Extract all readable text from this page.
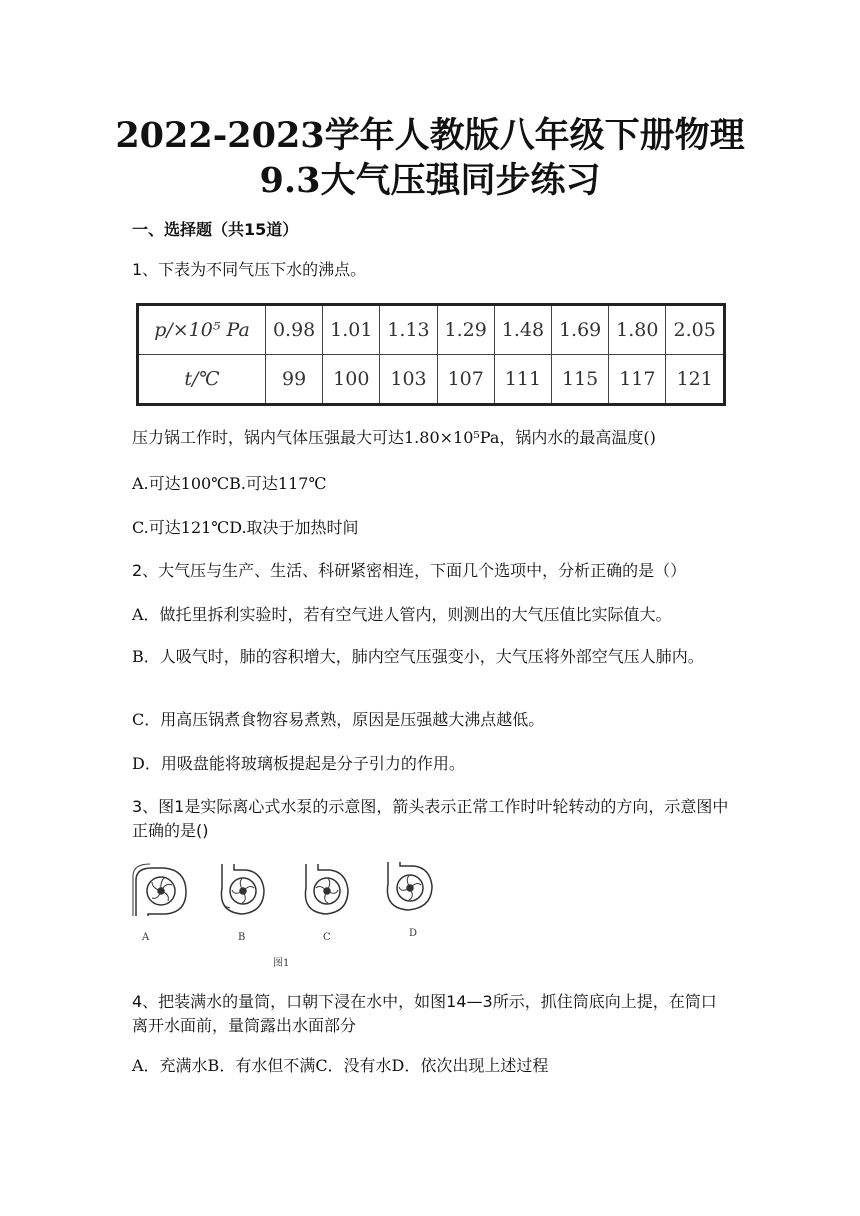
2022-2023学年人教版八年级下册物理
9.3大气压强同步练习
一、选择题（共15道）
1、下表为不同气压下水的沸点。
p/×10⁵ Pa	0.98	1.01	1.13	1.29	1.48	1.69	1.80	2.05
t/℃	99	100	103	107	111	115	117	121
压力锅工作时，锅内气体压强最大可达1.80×10⁵Pa，锅内水的最高温度()
A.可达100℃B.可达117℃
C.可达121℃D.取决于加热时间
2、大气压与生产、生活、科研紧密相连，下面几个选项中，分析正确的是（）
A．做托里拆利实验时，若有空气进人管内，则测出的大气压值比实际值大。
B．人吸气时，肺的容积增大，肺内空气压强变小，大气压将外部空气压人肺内。
C．用高压锅煮食物容易煮熟，原因是压强越大沸点越低。
D．用吸盘能将玻璃板提起是分子引力的作用。
3、图1是实际离心式水泵的示意图，箭头表示正常工作时叶轮转动的方向，示意图中正确的是()
A	B	C	D
图1
4、把装满水的量筒，口朝下浸在水中，如图14—3所示，抓住筒底向上提，在筒口离开水面前，量筒露出水面部分
A．充满水B．有水但不满C．没有水D．依次出现上述过程
